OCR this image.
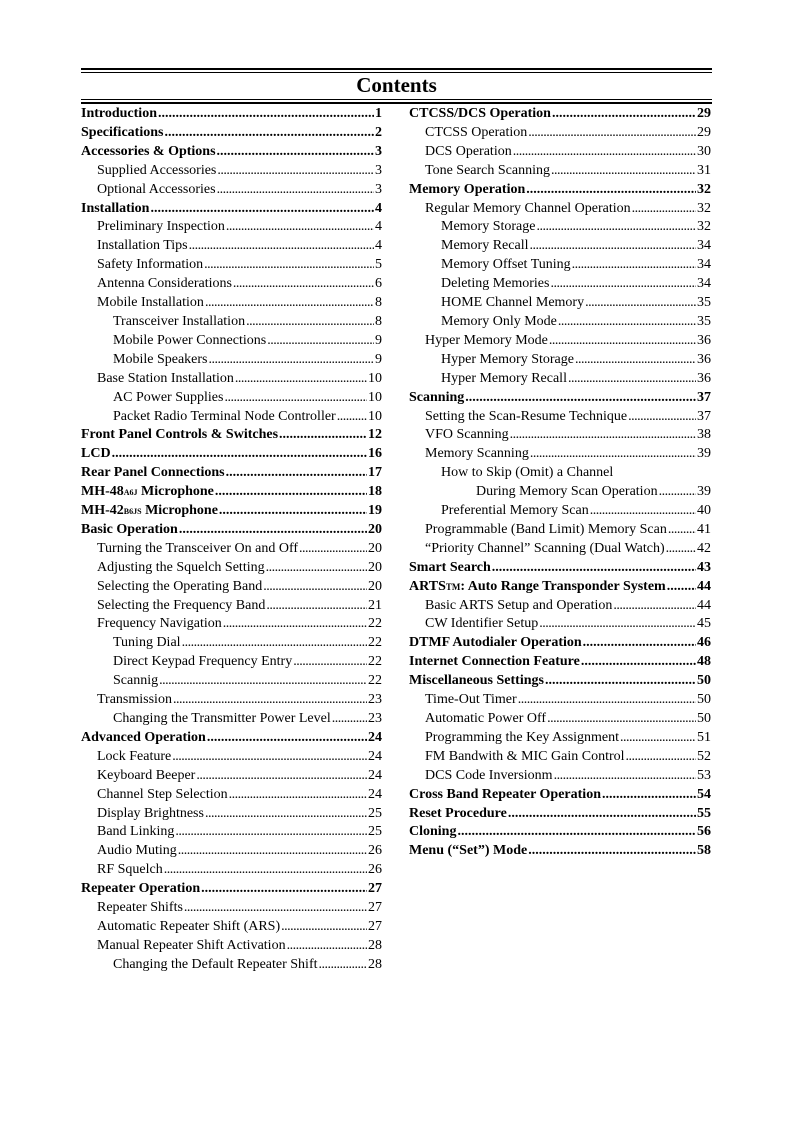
Contents
Introduction .....	1
Specifications .....	2
Accessories & Options .....	3
Supplied Accessories . . .	3
Optional Accessories . . .	3
Installation .....	4
Preliminary Inspection . . .	4
Installation Tips . . .	4
Safety Information . . .	5
Antenna Considerations . . .	6
Mobile Installation . . .	8
Transceiver Installation . . .	8
Mobile Power Connections . . .	9
Mobile Speakers . . .	9
Base Station Installation . . .	10
AC Power Supplies . . .	10
Packet Radio Terminal Node Controller . . . 10
Front Panel Controls & Switches .....	12
LCD .....	16
Rear Panel Connections .....	17
MH-48A6J Microphone .....	18
MH-42B6JS Microphone .....	19
Basic Operation .....	20
Turning the Transceiver On and Off . . .	20
Adjusting the Squelch Setting . . .	20
Selecting the Operating Band . . .	20
Selecting the Frequency Band . . .	21
Frequency Navigation . . .	22
Tuning Dial . . .	22
Direct Keypad Frequency Entry . . .	22
Scannig . . .	22
Transmission . . .	23
Changing the Transmitter Power Level . . .	23
Advanced Operation .....	24
Lock Feature . . .	24
Keyboard Beeper . . .	24
Channel Step Selection . . .	24
Display Brightness . . .	25
Band Linking . . .	25
Audio Muting . . .	26
RF Squelch . . .	26
Repeater Operation .....	27
Repeater Shifts . . .	27
Automatic Repeater Shift (ARS) . . .	27
Manual Repeater Shift Activation . . .	28
Changing the Default Repeater Shift . . .	28
CTCSS/DCS Operation .....	29
CTCSS Operation . . .	29
DCS Operation . . .	30
Tone Search Scanning . . .	31
Memory Operation .....	32
Regular Memory Channel Operation . . .	32
Memory Storage . . .	32
Memory Recall . . .	34
Memory Offset Tuning . . .	34
Deleting Memories . . .	34
HOME Channel Memory . . .	35
Memory Only Mode . . .	35
Hyper Memory Mode . . .	36
Hyper Memory Storage . . .	36
Hyper Memory Recall . . .	36
Scanning .....	37
Setting the Scan-Resume Technique . . .	37
VFO Scanning . . .	38
Memory Scanning . . .	39
How to Skip (Omit) a Channel
During Memory Scan Operation . . .	39
Preferential Memory Scan . . .	40
Programmable (Band Limit) Memory Scan . . . 41
“Priority Channel” Scanning (Dual Watch) . . . 42
Smart Search .....	43
ARTSTM: Auto Range Transponder System ..... 44
Basic ARTS Setup and Operation . . .	44
CW Identifier Setup . . .	45
DTMF Autodialer Operation .....	46
Internet Connection Feature .....	48
Miscellaneous Settings .....	50
Time-Out Timer . . .	50
Automatic Power Off . . .	50
Programming the Key Assignment . . .	51
FM Bandwith & MIC Gain Control . . .	52
DCS Code Inversionm . . .	53
Cross Band Repeater Operation .....	54
Reset Procedure .....	55
Cloning .....	56
Menu (“Set”) Mode .....	58
